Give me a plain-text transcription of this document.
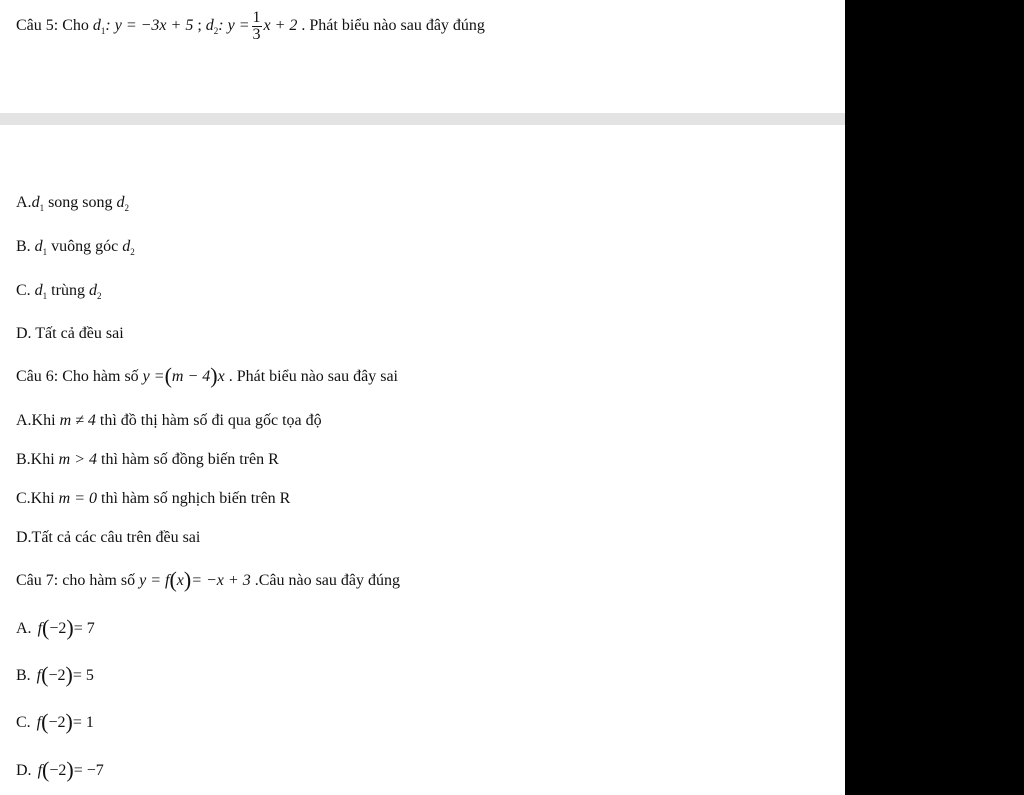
Câu 5: Cho $d_1$: y = −3x + 5 ; $d_2$: $y = \frac{1}{3}$ x + 2 . Phát biểu nào sau đây đúng
$A.d_1$ song song $d_2$
B. $d_1$ vuông góc $d_2$
C. $d_1$ trùng $d_2$
D. Tất cả đều sai
Câu 6: Cho hàm số y =(m − 4)x . Phát biểu nào sau đây sai
A.Khi m ≠ 4 thì đồ thị hàm số đi qua gốc tọa độ
B.Khi m > 4 thì hàm số đồng biến trên R
C.Khi m = 0 thì hàm số nghịch biến trên R
D.Tất cả các câu trên đều sai
Câu 7: cho hàm số y = f(x)= −x + 3 .Câu nào sau đây đúng
A. f(−2)= 7
B. f(−2)= 5
C. f(−2)= 1
D. f(−2)= −7
